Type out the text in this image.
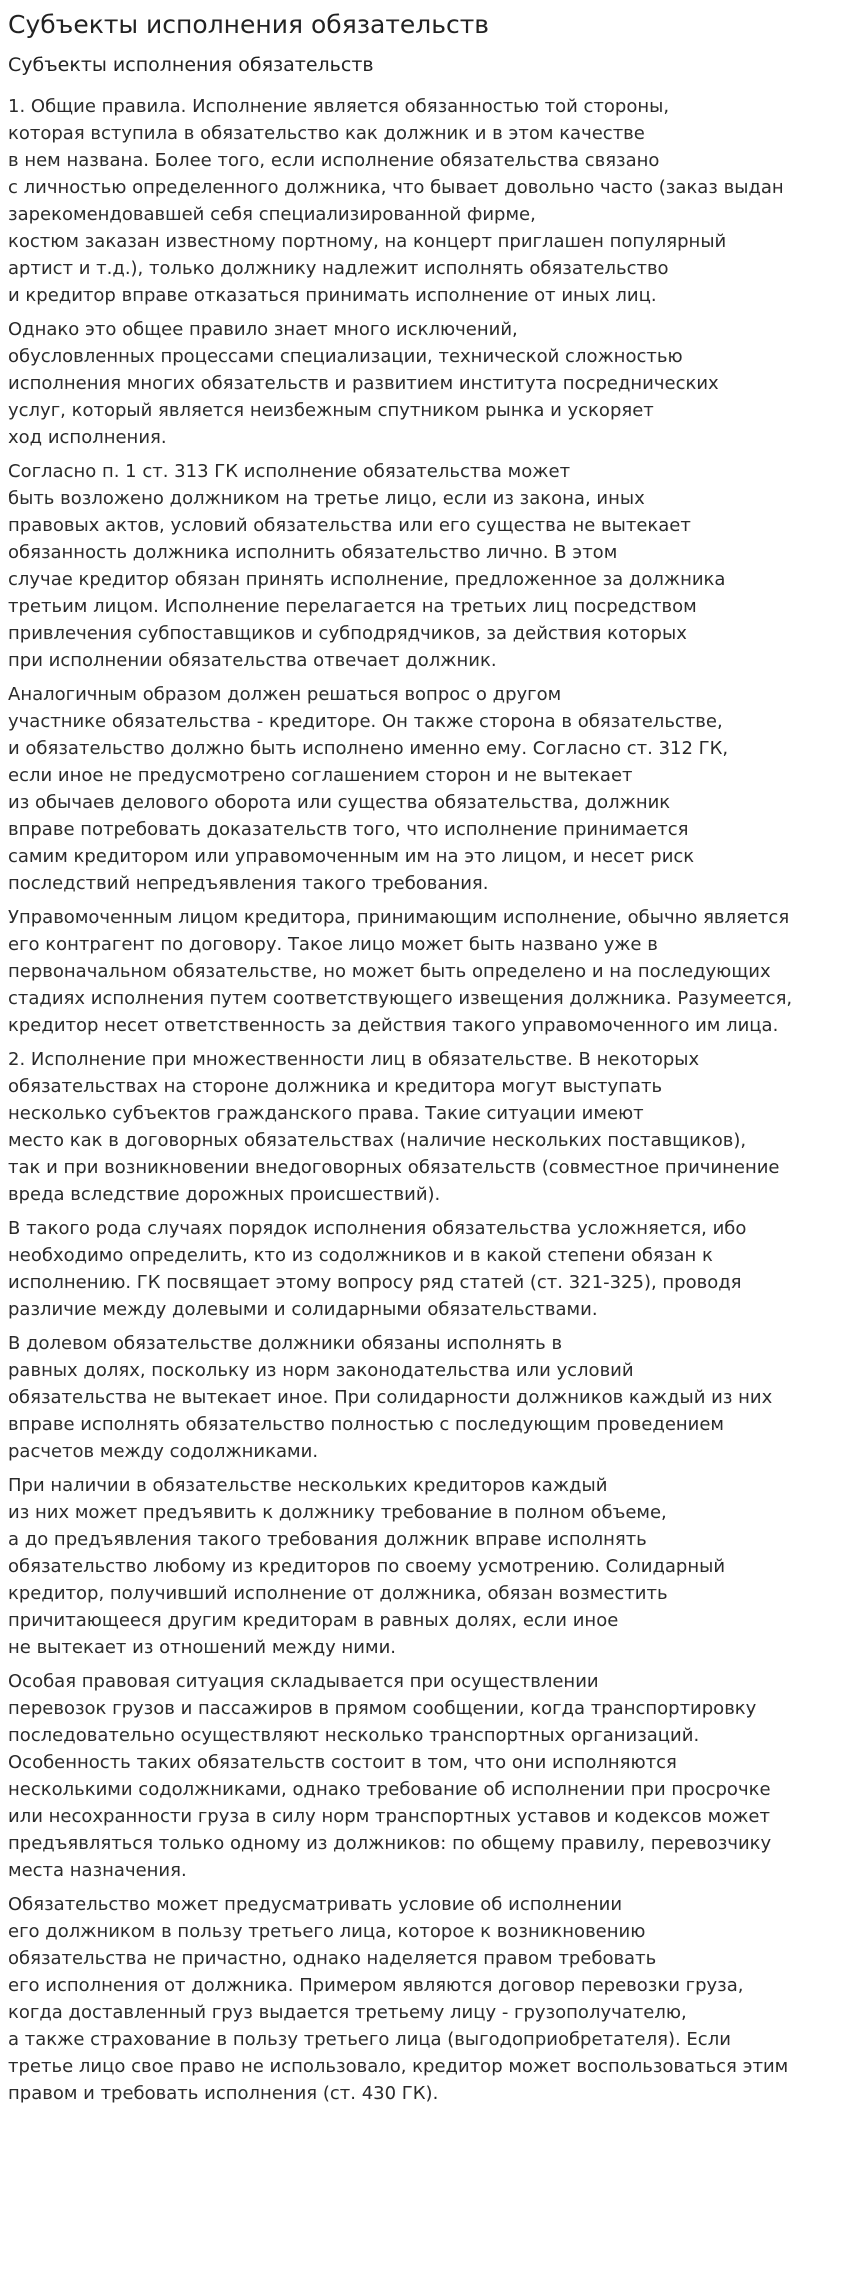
Субъекты исполнения обязательств
Субъекты исполнения обязательств
1. Общие правила. Исполнение является обязанностью той стороны,
которая вступила в обязательство как должник и в этом качестве
в нем названа. Более того, если исполнение обязательства связано
с личностью определенного должника, что бывает довольно часто (заказ выдан
зарекомендовавшей себя специализированной фирме,
костюм заказан известному портному, на концерт приглашен популярный
артист и т.д.), только должнику надлежит исполнять обязательство
и кредитор вправе отказаться принимать исполнение от иных лиц.
Однако это общее правило знает много исключений,
обусловленных процессами специализации, технической сложностью
исполнения многих обязательств и развитием института посреднических
услуг, который является неизбежным спутником рынка и ускоряет
ход исполнения.
Согласно п. 1 ст. 313 ГК исполнение обязательства может
быть возложено должником на третье лицо, если из закона, иных
правовых актов, условий обязательства или его существа не вытекает
обязанность должника исполнить обязательство лично. В этом
случае кредитор обязан принять исполнение, предложенное за должника
третьим лицом. Исполнение перелагается на третьих лиц посредством
привлечения субпоставщиков и субподрядчиков, за действия которых
при исполнении обязательства отвечает должник.
Аналогичным образом должен решаться вопрос о другом
участнике обязательства - кредиторе. Он также сторона в обязательстве,
и обязательство должно быть исполнено именно ему. Согласно ст. 312 ГК,
если иное не предусмотрено соглашением сторон и не вытекает
из обычаев делового оборота или существа обязательства, должник
вправе потребовать доказательств того, что исполнение принимается
самим кредитором или управомоченным им на это лицом, и несет риск
последствий непредъявления такого требования.
Управомоченным лицом кредитора, принимающим исполнение, обычно является
его контрагент по договору. Такое лицо может быть названо уже в
первоначальном обязательстве, но может быть определено и на последующих
стадиях исполнения путем соответствующего извещения должника. Разумеется,
кредитор несет ответственность за действия такого управомоченного им лица.
2. Исполнение при множественности лиц в обязательстве. В некоторых
обязательствах на стороне должника и кредитора могут выступать
несколько субъектов гражданского права. Такие ситуации имеют
место как в договорных обязательствах (наличие нескольких поставщиков),
так и при возникновении внедоговорных обязательств (совместное причинение
вреда вследствие дорожных происшествий).
В такого рода случаях порядок исполнения обязательства усложняется, ибо
необходимо определить, кто из содолжников и в какой степени обязан к
исполнению. ГК посвящает этому вопросу ряд статей (ст. 321-325), проводя
различие между долевыми и солидарными обязательствами.
В долевом обязательстве должники обязаны исполнять в
равных долях, поскольку из норм законодательства или условий
обязательства не вытекает иное. При солидарности должников каждый из них
вправе исполнять обязательство полностью с последующим проведением
расчетов между содолжниками.
При наличии в обязательстве нескольких кредиторов каждый
из них может предъявить к должнику требование в полном объеме,
а до предъявления такого требования должник вправе исполнять
обязательство любому из кредиторов по своему усмотрению. Солидарный
кредитор, получивший исполнение от должника, обязан возместить
причитающееся другим кредиторам в равных долях, если иное
не вытекает из отношений между ними.
Особая правовая ситуация складывается при осуществлении
перевозок грузов и пассажиров в прямом сообщении, когда транспортировку
последовательно осуществляют несколько транспортных организаций.
Особенность таких обязательств состоит в том, что они исполняются
несколькими содолжниками, однако требование об исполнении при просрочке
или несохранности груза в силу норм транспортных уставов и кодексов может
предъявляться только одному из должников: по общему правилу, перевозчику
места назначения.
Обязательство может предусматривать условие об исполнении
его должником в пользу третьего лица, которое к возникновению
обязательства не причастно, однако наделяется правом требовать
его исполнения от должника. Примером являются договор перевозки груза,
когда доставленный груз выдается третьему лицу - грузополучателю,
а также страхование в пользу третьего лица (выгодоприобретателя). Если
третье лицо свое право не использовало, кредитор может воспользоваться этим
правом и требовать исполнения (ст. 430 ГК).
